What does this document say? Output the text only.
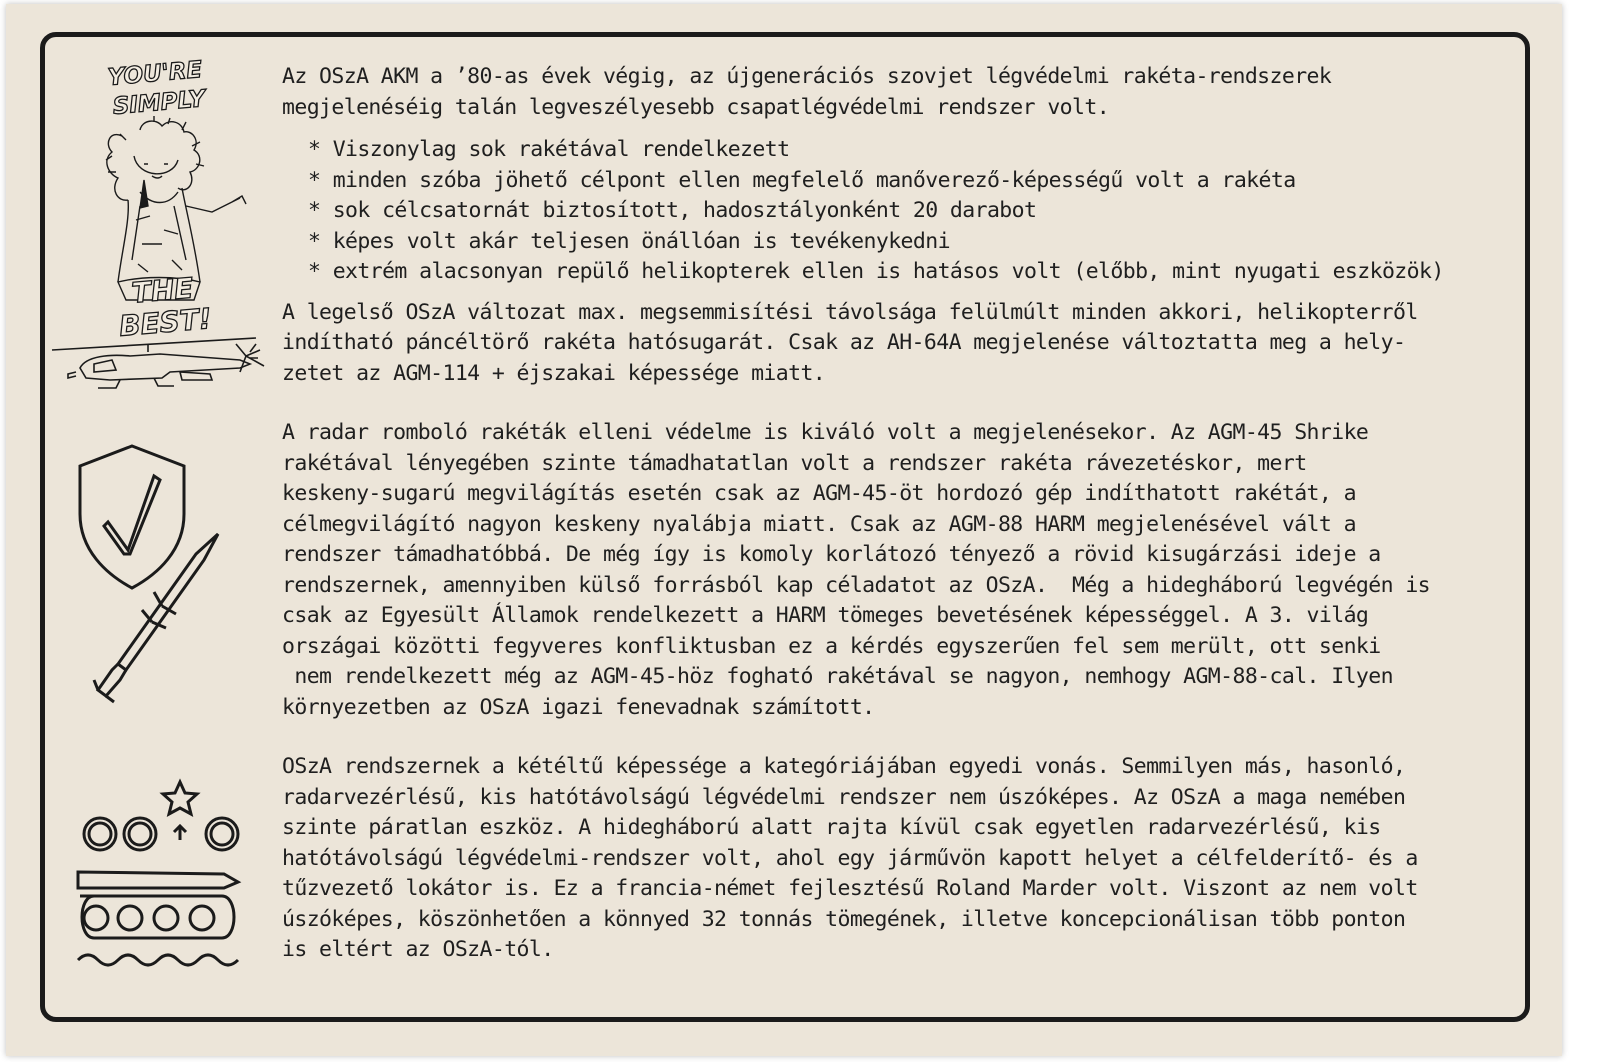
YOU'RE
SIMPLY
THE BEST!

Az OSzA AKM a ’80-as évek végig, az újgenerációs szovjet légvédelmi rakéta-rendszerek
megjelenéséig talán legveszélyesebb csapatlégvédelmi rendszer volt.

* Viszonylag sok rakétával rendelkezett
* minden szóba jöhető célpont ellen megfelelő manőverező-képességű volt a rakéta
* sok célcsatornát biztosított, hadosztályonként 20 darabot
* képes volt akár teljesen önállóan is tevékenykedni
* extrém alacsonyan repülő helikopterek ellen is hatásos volt (előbb, mint nyugati eszközök)

A legelső OSzA változat max. megsemmisítési távolsága felülmúlt minden akkori, helikopterről
indítható páncéltörő rakéta hatósugarát. Csak az AH-64A megjelenése változtatta meg a hely-
zetet az AGM-114 + éjszakai képessége miatt.

A radar romboló rakéták elleni védelme is kiváló volt a megjelenésekor. Az AGM-45 Shrike
rakétával lényegében szinte támadhatatlan volt a rendszer rakéta rávezetéskor, mert
keskeny-sugarú megvilágítás esetén csak az AGM-45-öt hordozó gép indíthatott rakétát, a
célmegvilágító nagyon keskeny nyalábja miatt. Csak az AGM-88 HARM megjelenésével vált a
rendszer támadhatóbbá. De még így is komoly korlátozó tényező a rövid kisugárzási ideje a
rendszernek, amennyiben külső forrásból kap céladatot az OSzA.  Még a hidegháború legvégén is
csak az Egyesült Államok rendelkezett a HARM tömeges bevetésének képességgel. A 3. világ
országai közötti fegyveres konfliktusban ez a kérdés egyszerűen fel sem merült, ott senki
nem rendelkezett még az AGM-45-höz fogható rakétával se nagyon, nemhogy AGM-88-cal. Ilyen
környezetben az OSzA igazi fenevadnak számított.

OSzA rendszernek a kétéltű képessége a kategóriájában egyedi vonás. Semmilyen más, hasonló,
radarvezérlésű, kis hatótávolságú légvédelmi rendszer nem úszóképes. Az OSzA a maga nemében
szinte páratlan eszköz. A hidegháború alatt rajta kívül csak egyetlen radarvezérlésű, kis
hatótávolságú légvédelmi-rendszer volt, ahol egy járművön kapott helyet a célfelderítő- és a
tűzvezető lokátor is. Ez a francia-német fejlesztésű Roland Marder volt. Viszont az nem volt
úszóképes, köszönhetően a könnyed 32 tonnás tömegének, illetve koncepcionálisan több ponton
is eltért az OSzA-tól.
